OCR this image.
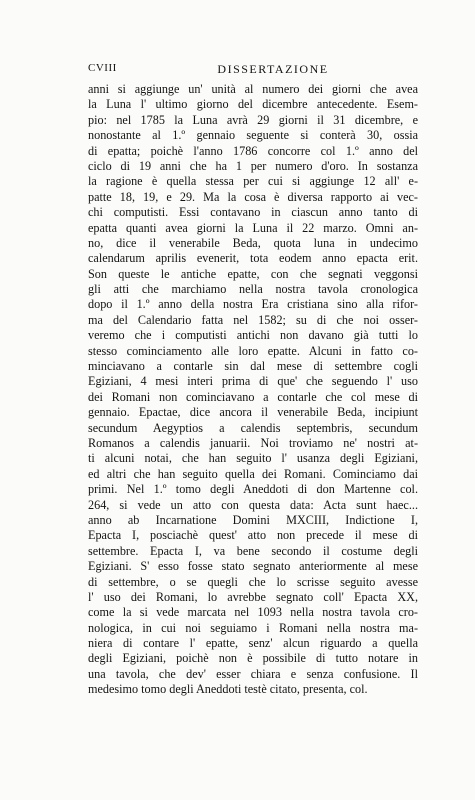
CVIII	DISSERTAZIONE
anni si aggiunge un' unità al numero dei giorni che avea
la Luna l' ultimo giorno del dicembre antecedente. Esem-
pio: nel 1785 la Luna avrà 29 giorni il 31 dicembre, e
nonostante al 1.º gennaio seguente si conterà 30, ossia
di epatta; poichè l'anno 1786 concorre col 1.º anno del
ciclo di 19 anni che ha 1 per numero d'oro. In sostanza
la ragione è quella stessa per cui si aggiunge 12 all' e-
patte 18, 19, e 29. Ma la cosa è diversa rapporto ai vec-
chi computisti. Essi contavano in ciascun anno tanto di
epatta quanti avea giorni la Luna il 22 marzo. Omni an-
no, dice il venerabile Beda, quota luna in undecimo
calendarum aprilis evenerit, tota eodem anno epacta erit.
Son queste le antiche epatte, con che segnati veggonsi
gli atti che marchiamo nella nostra tavola cronologica
dopo il 1.º anno della nostra Era cristiana sino alla rifor-
ma del Calendario fatta nel 1582; su di che noi osser-
veremo che i computisti antichi non davano già tutti lo
stesso cominciamento alle loro epatte. Alcuni in fatto co-
minciavano a contarle sin dal mese di settembre cogli
Egiziani, 4 mesi interi prima di que' che seguendo l' uso
dei Romani non cominciavano a contarle che col mese di
gennaio. Epactae, dice ancora il venerabile Beda, incipiunt
secundum Aegyptios a calendis septembris, secundum
Romanos a calendis januarii. Noi troviamo ne' nostri at-
ti alcuni notai, che han seguito l' usanza degli Egiziani,
ed altri che han seguito quella dei Romani. Cominciamo dai
primi. Nel 1.º tomo degli Aneddoti di don Martenne col.
264, si vede un atto con questa data: Acta sunt haec...
anno ab Incarnatione Domini MXCIII, Indictione I,
Epacta I, posciachè quest' atto non precede il mese di
settembre. Epacta I, va bene secondo il costume degli
Egiziani. S' esso fosse stato segnato anteriormente al mese
di settembre, o se quegli che lo scrisse seguito avesse
l' uso dei Romani, lo avrebbe segnato coll' Epacta XX,
come la si vede marcata nel 1093 nella nostra tavola cro-
nologica, in cui noi seguiamo i Romani nella nostra ma-
niera di contare l' epatte, senz' alcun riguardo a quella
degli Egiziani, poichè non è possibile di tutto notare in
una tavola, che dev' esser chiara e senza confusione. Il
medesimo tomo degli Aneddoti testè citato, presenta, col.
